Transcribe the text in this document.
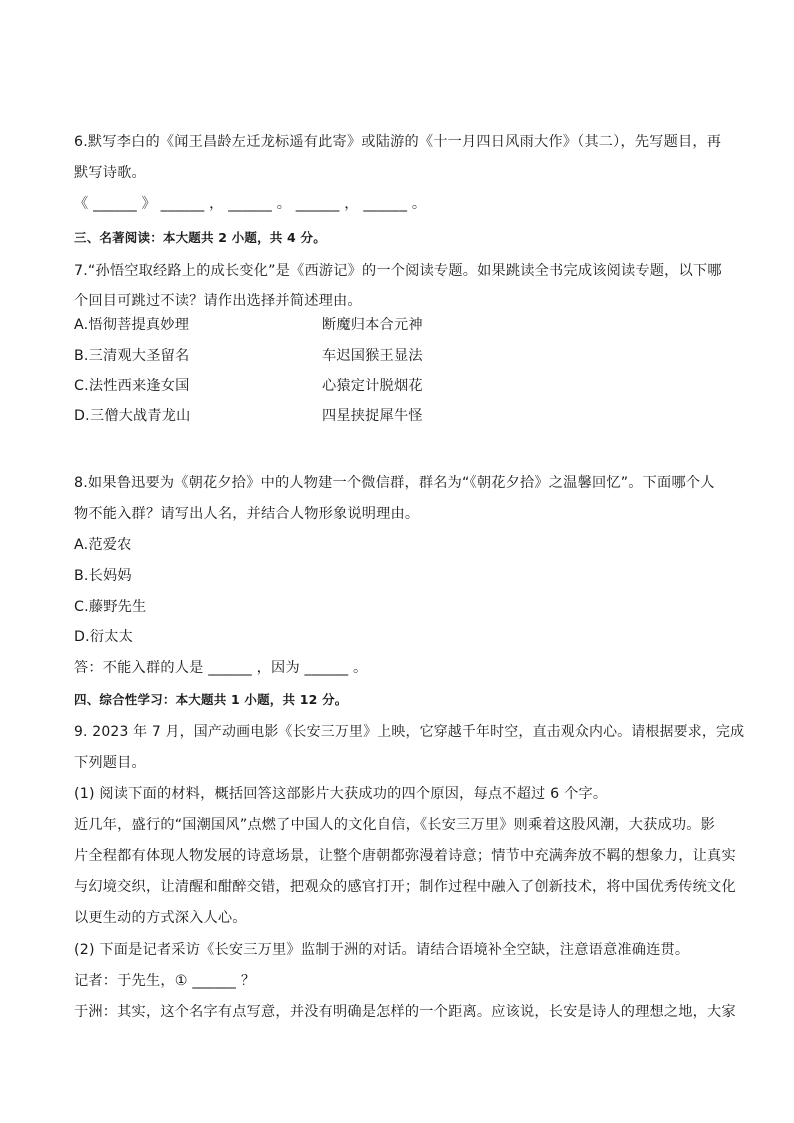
6.默写李白的《闻王昌龄左迁龙标遥有此寄》或陆游的《十一月四日风雨大作》（其二），先写题目，再
默写诗歌。
《 ______ 》 ______ ， ______ 。 ______ ， ______ 。
三、名著阅读：本大题共 2 小题，共 4 分。
7.“孙悟空取经路上的成长变化”是《西游记》的一个阅读专题。如果跳读全书完成该阅读专题，以下哪
个回目可跳过不读？请作出选择并简述理由。
A.悟彻菩提真妙理	断魔归本合元神
B.三清观大圣留名	车迟国猴王显法
C.法性西来逢女国	心猿定计脱烟花
D.三僧大战青龙山	四星挟捉犀牛怪
8.如果鲁迅要为《朝花夕拾》中的人物建一个微信群，群名为“《朝花夕拾》之温馨回忆”。下面哪个人
物不能入群？请写出人名，并结合人物形象说明理由。
A.范爱农
B.长妈妈
C.藤野先生
D.衍太太
答：不能入群的人是 ______ ，因为 ______ 。
四、综合性学习：本大题共 1 小题，共 12 分。
9. 2023 年 7 月，国产动画电影《长安三万里》上映，它穿越千年时空，直击观众内心。请根据要求，完成
下列题目。
(1) 阅读下面的材料，概括回答这部影片大获成功的四个原因，每点不超过 6 个字。
近几年，盛行的“国潮国风”点燃了中国人的文化自信，《长安三万里》则乘着这股风潮，大获成功。影
片全程都有体现人物发展的诗意场景，让整个唐朝都弥漫着诗意；情节中充满奔放不羁的想象力，让真实
与幻境交织，让清醒和酣醉交错，把观众的感官打开；制作过程中融入了创新技术，将中国优秀传统文化
以更生动的方式深入人心。
(2) 下面是记者采访《长安三万里》监制于洲的对话。请结合语境补全空缺，注意语意准确连贯。
记者：于先生，① ______ ？
于洲：其实，这个名字有点写意，并没有明确是怎样的一个距离。应该说，长安是诗人的理想之地，大家
